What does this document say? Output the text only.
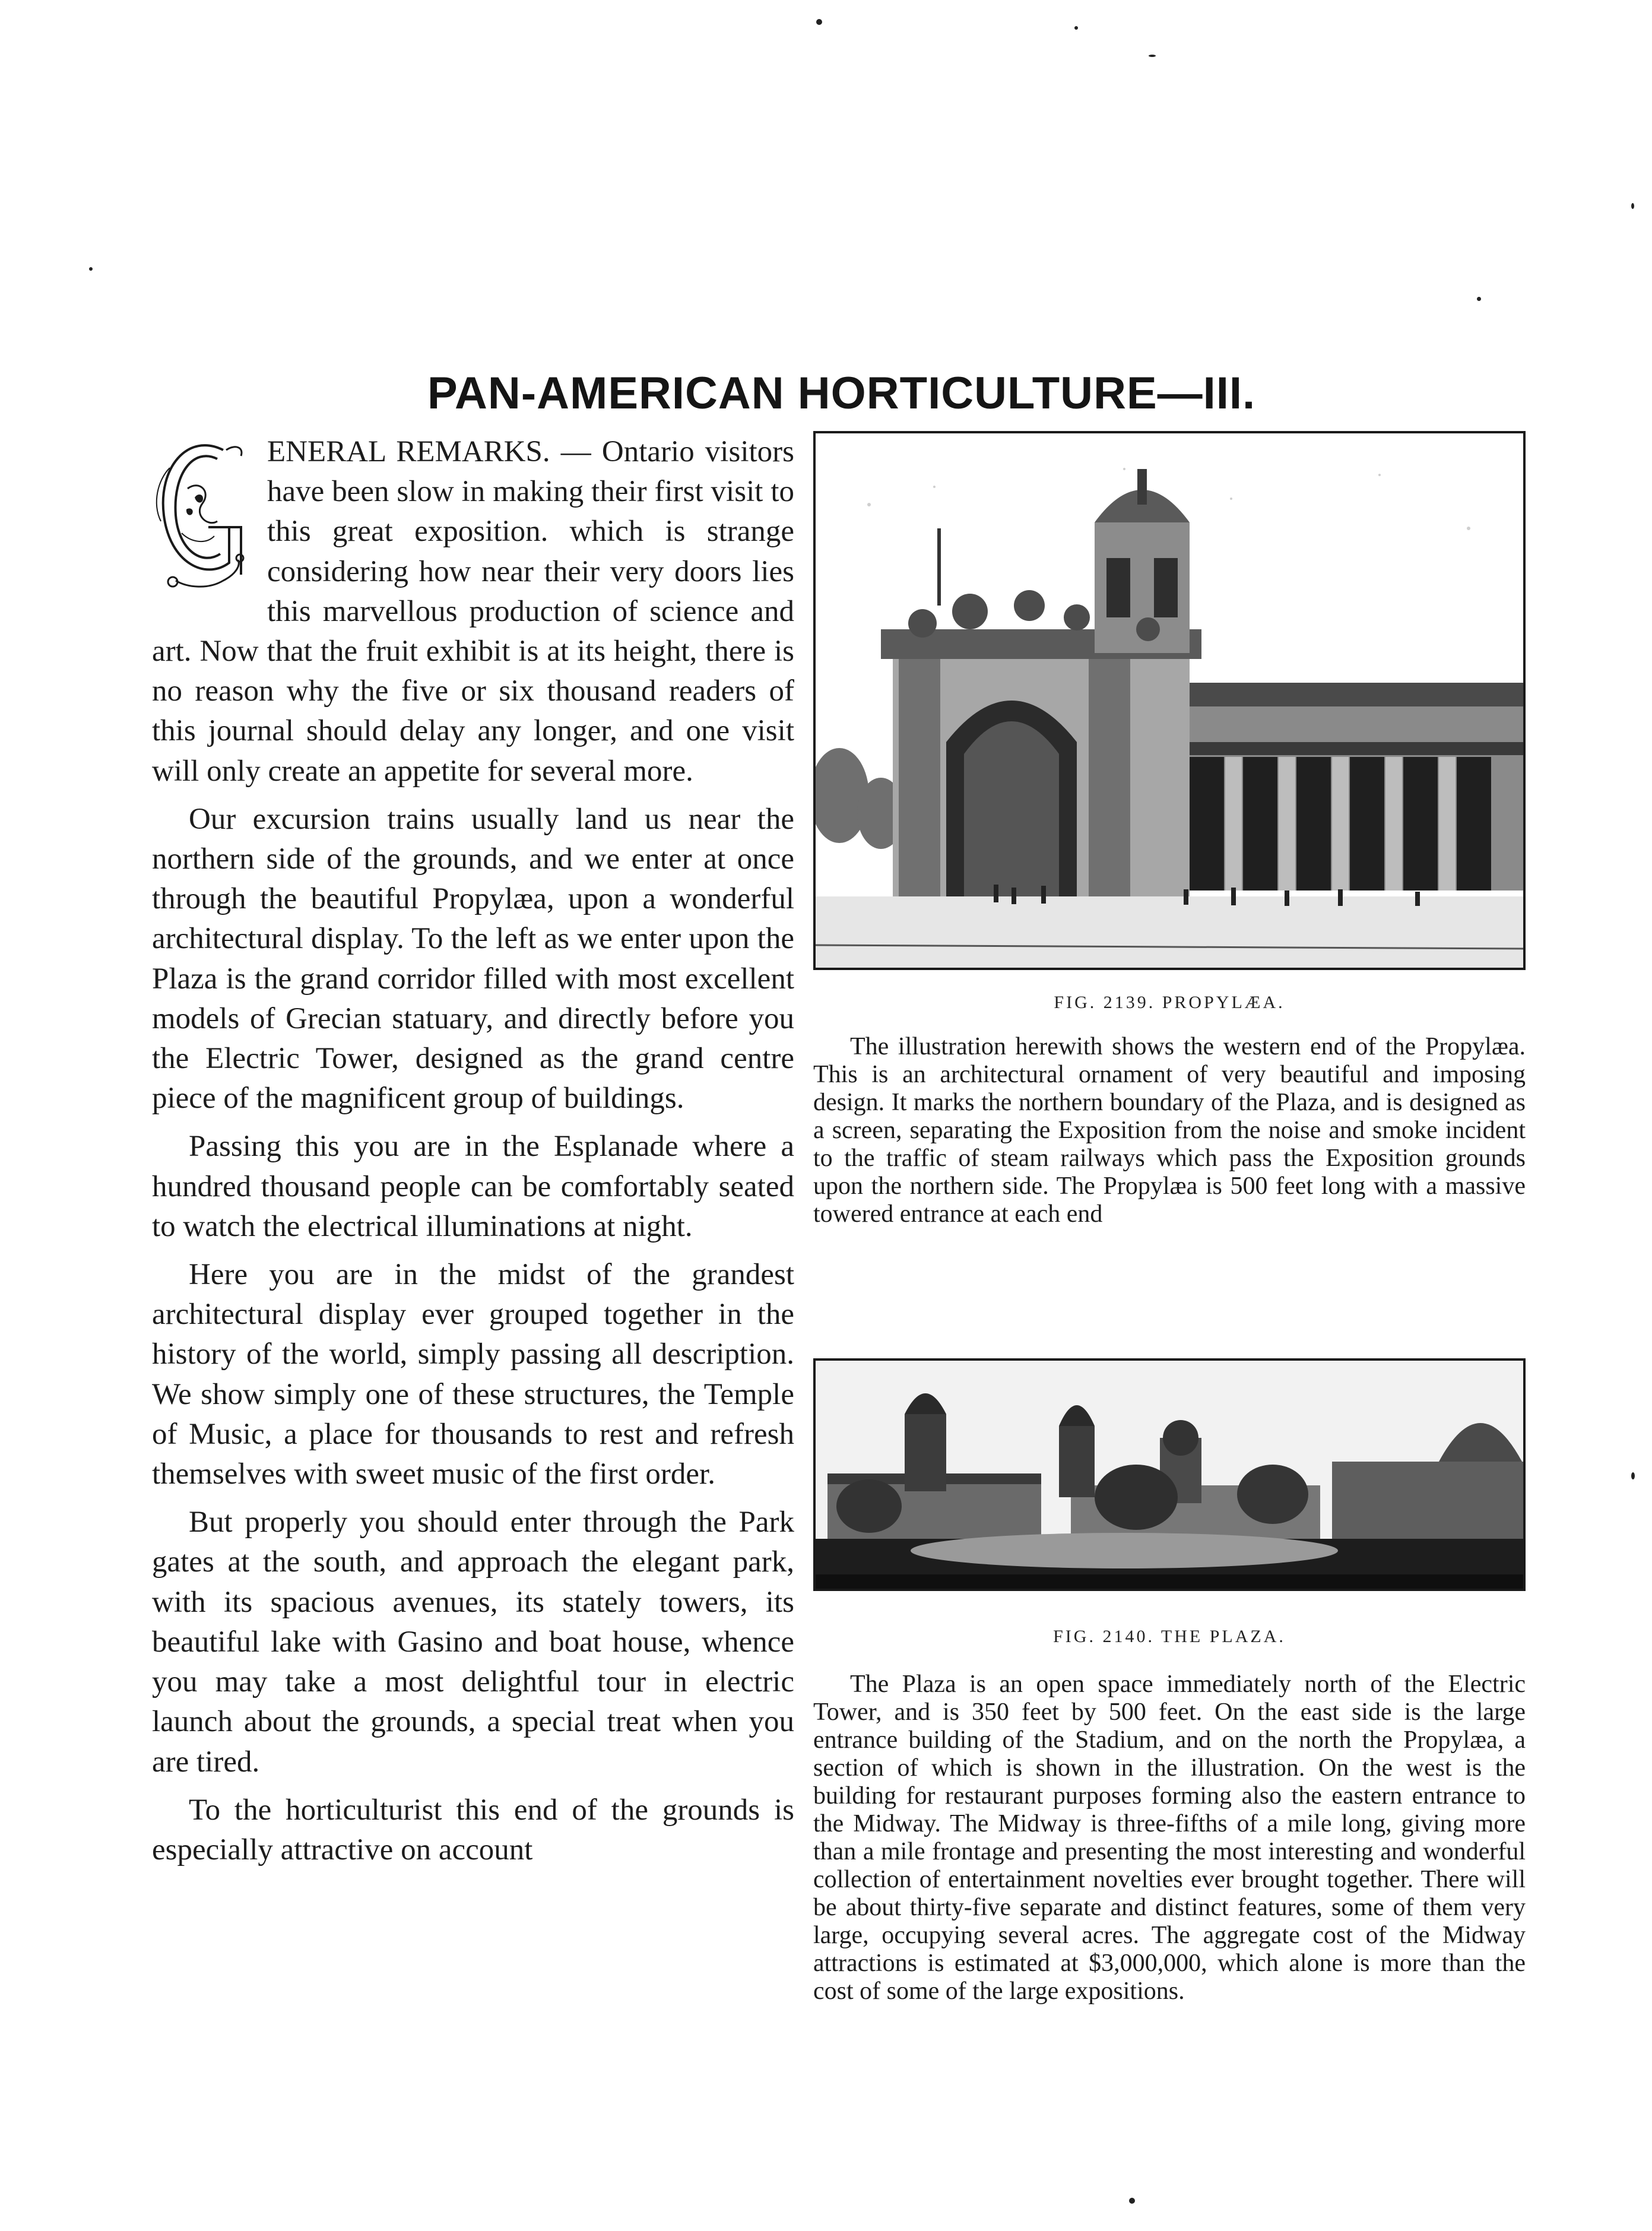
PAN-AMERICAN HORTICULTURE—III.

ENERAL REMARKS. — Ontario visitors have been slow in making their first visit to this great exposition. which is strange considering how near their very doors lies this marvellous production of science and art. Now that the fruit exhibit is at its height, there is no reason why the five or six thousand readers of this journal should delay any longer, and one visit will only create an appetite for several more.

Our excursion trains usually land us near the northern side of the grounds, and we enter at once through the beautiful Propylæa, upon a wonderful architectural display. To the left as we enter upon the Plaza is the grand corridor filled with most excellent models of Grecian statuary, and directly before you the Electric Tower, designed as the grand centre piece of the magnificent group of buildings.

Passing this you are in the Esplanade where a hundred thousand people can be comfortably seated to watch the electrical illuminations at night.

Here you are in the midst of the grandest architectural display ever grouped together in the history of the world, simply passing all description. We show simply one of these structures, the Temple of Music, a place for thousands to rest and refresh themselves with sweet music of the first order.

But properly you should enter through the Park gates at the south, and approach the elegant park, with its spacious avenues, its stately towers, its beautiful lake with Gasino and boat house, whence you may take a most delightful tour in electric launch about the grounds, a special treat when you are tired.

To the horticulturist this end of the grounds is especially attractive on account

FIG. 2139. PROPYLÆA.

The illustration herewith shows the western end of the Propylæa. This is an architectural ornament of very beautiful and imposing design. It marks the northern boundary of the Plaza, and is designed as a screen, separating the Exposition from the noise and smoke incident to the traffic of steam railways which pass the Exposition grounds upon the northern side. The Propylæa is 500 feet long with a massive towered entrance at each end

FIG. 2140. THE PLAZA.

The Plaza is an open space immediately north of the Electric Tower, and is 350 feet by 500 feet. On the east side is the large entrance building of the Stadium, and on the north the Propylæa, a section of which is shown in the illustration. On the west is the building for restaurant purposes forming also the eastern entrance to the Midway. The Midway is three-fifths of a mile long, giving more than a mile frontage and presenting the most interesting and wonderful collection of entertainment novelties ever brought together. There will be about thirty-five separate and distinct features, some of them very large, occupying several acres. The aggregate cost of the Midway attractions is estimated at $3,000,000, which alone is more than the cost of some of the large expositions.
